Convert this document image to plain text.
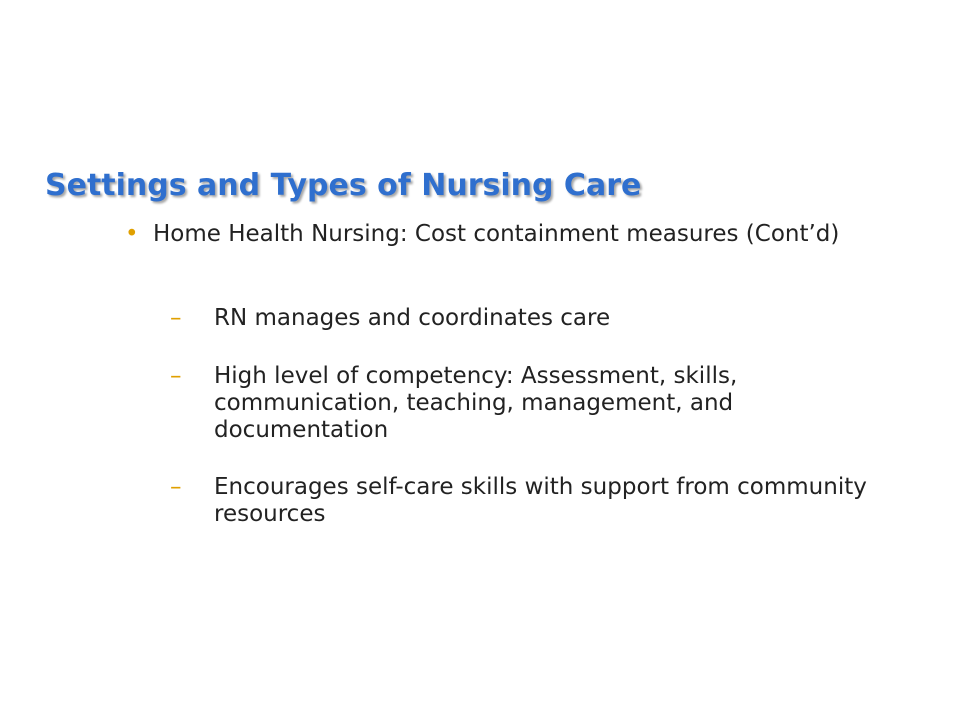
Settings and Types of Nursing Care
• Home Health Nursing: Cost containment measures (Cont’d)
– RN manages and coordinates care
– High level of competency: Assessment, skills, communication, teaching, management, and documentation
– Encourages self-care skills with support from community resources
